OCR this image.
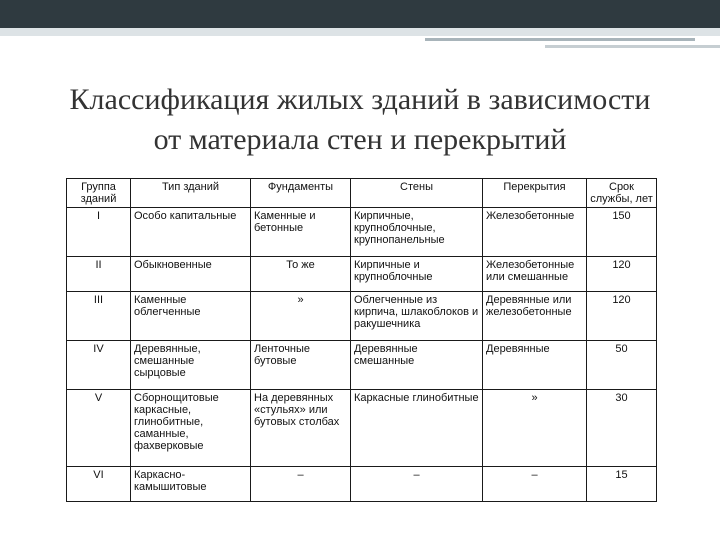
Классификация жилых зданий в зависимости
от материала стен и перекрытий
Группа зданий	Тип зданий	Фундаменты	Стены	Перекрытия	Срок службы, лет
I	Особо капитальные	Каменные и бетонные	Кирпичные, крупноблочные, крупнопанельные	Железобетонные	150
II	Обыкновенные	То же	Кирпичные и крупноблочные	Железобетонные или смешанные	120
III	Каменные облегченные	»	Облегченные из кирпича, шлакоблоков и ракушечника	Деревянные или железобетонные	120
IV	Деревянные, смешанные сырцовые	Ленточные бутовые	Деревянные смешанные	Деревянные	50
V	Сборнощитовые каркасные, глинобитные, саманные, фахверковые	На деревянных «стульях» или бутовых столбах	Каркасные глинобитные	»	30
VI	Каркасно-камышитовые	–	–	–	15
